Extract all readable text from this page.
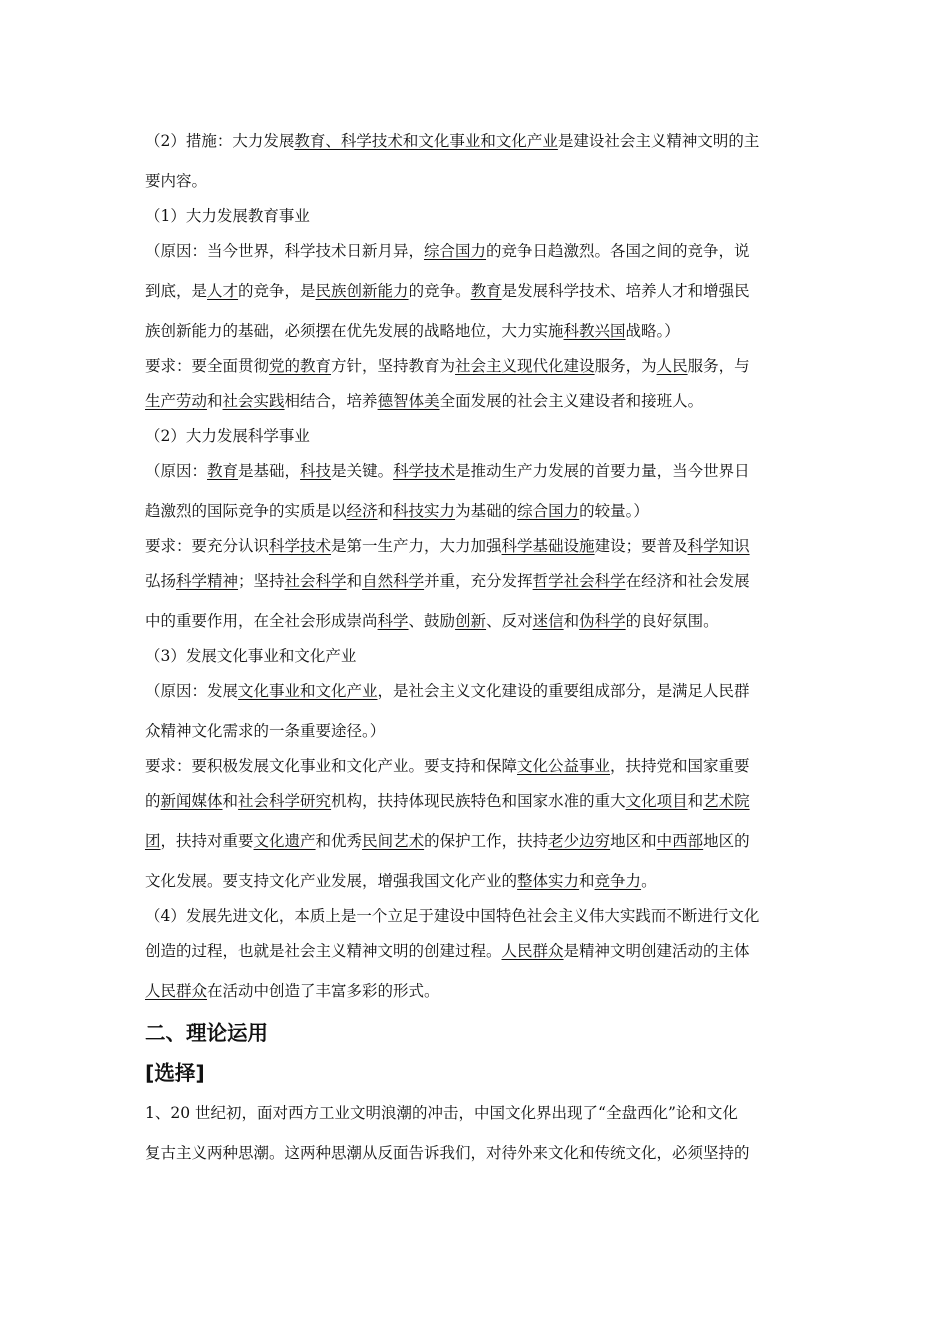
（2）措施：大力发展教育、科学技术和文化事业和文化产业是建设社会主义精神文明的主
要内容。
（1）大力发展教育事业
（原因：当今世界，科学技术日新月异，综合国力的竞争日趋激烈。各国之间的竞争，说
到底，是人才的竞争，是民族创新能力的竞争。教育是发展科学技术、培养人才和增强民
族创新能力的基础，必须摆在优先发展的战略地位，大力实施科教兴国战略。）
要求：要全面贯彻党的教育方针，坚持教育为社会主义现代化建设服务，为人民服务，与
生产劳动和社会实践相结合，培养德智体美全面发展的社会主义建设者和接班人。
（2）大力发展科学事业
（原因：教育是基础，科技是关键。科学技术是推动生产力发展的首要力量，当今世界日
趋激烈的国际竞争的实质是以经济和科技实力为基础的综合国力的较量。）
要求：要充分认识科学技术是第一生产力，大力加强科学基础设施建设；要普及科学知识
弘扬科学精神；坚持社会科学和自然科学并重，充分发挥哲学社会科学在经济和社会发展
中的重要作用，在全社会形成崇尚科学、鼓励创新、反对迷信和伪科学的良好氛围。
（3）发展文化事业和文化产业
（原因：发展文化事业和文化产业，是社会主义文化建设的重要组成部分，是满足人民群
众精神文化需求的一条重要途径。）
要求：要积极发展文化事业和文化产业。要支持和保障文化公益事业，扶持党和国家重要
的新闻媒体和社会科学研究机构，扶持体现民族特色和国家水准的重大文化项目和艺术院
团，扶持对重要文化遗产和优秀民间艺术的保护工作，扶持老少边穷地区和中西部地区的
文化发展。要支持文化产业发展，增强我国文化产业的整体实力和竞争力。
（4）发展先进文化，本质上是一个立足于建设中国特色社会主义伟大实践而不断进行文化
创造的过程，也就是社会主义精神文明的创建过程。人民群众是精神文明创建活动的主体
人民群众在活动中创造了丰富多彩的形式。
二、理论运用
[选择]
1、20 世纪初，面对西方工业文明浪潮的冲击，中国文化界出现了“全盘西化”论和文化
复古主义两种思潮。这两种思潮从反面告诉我们，对待外来文化和传统文化，必须坚持的
